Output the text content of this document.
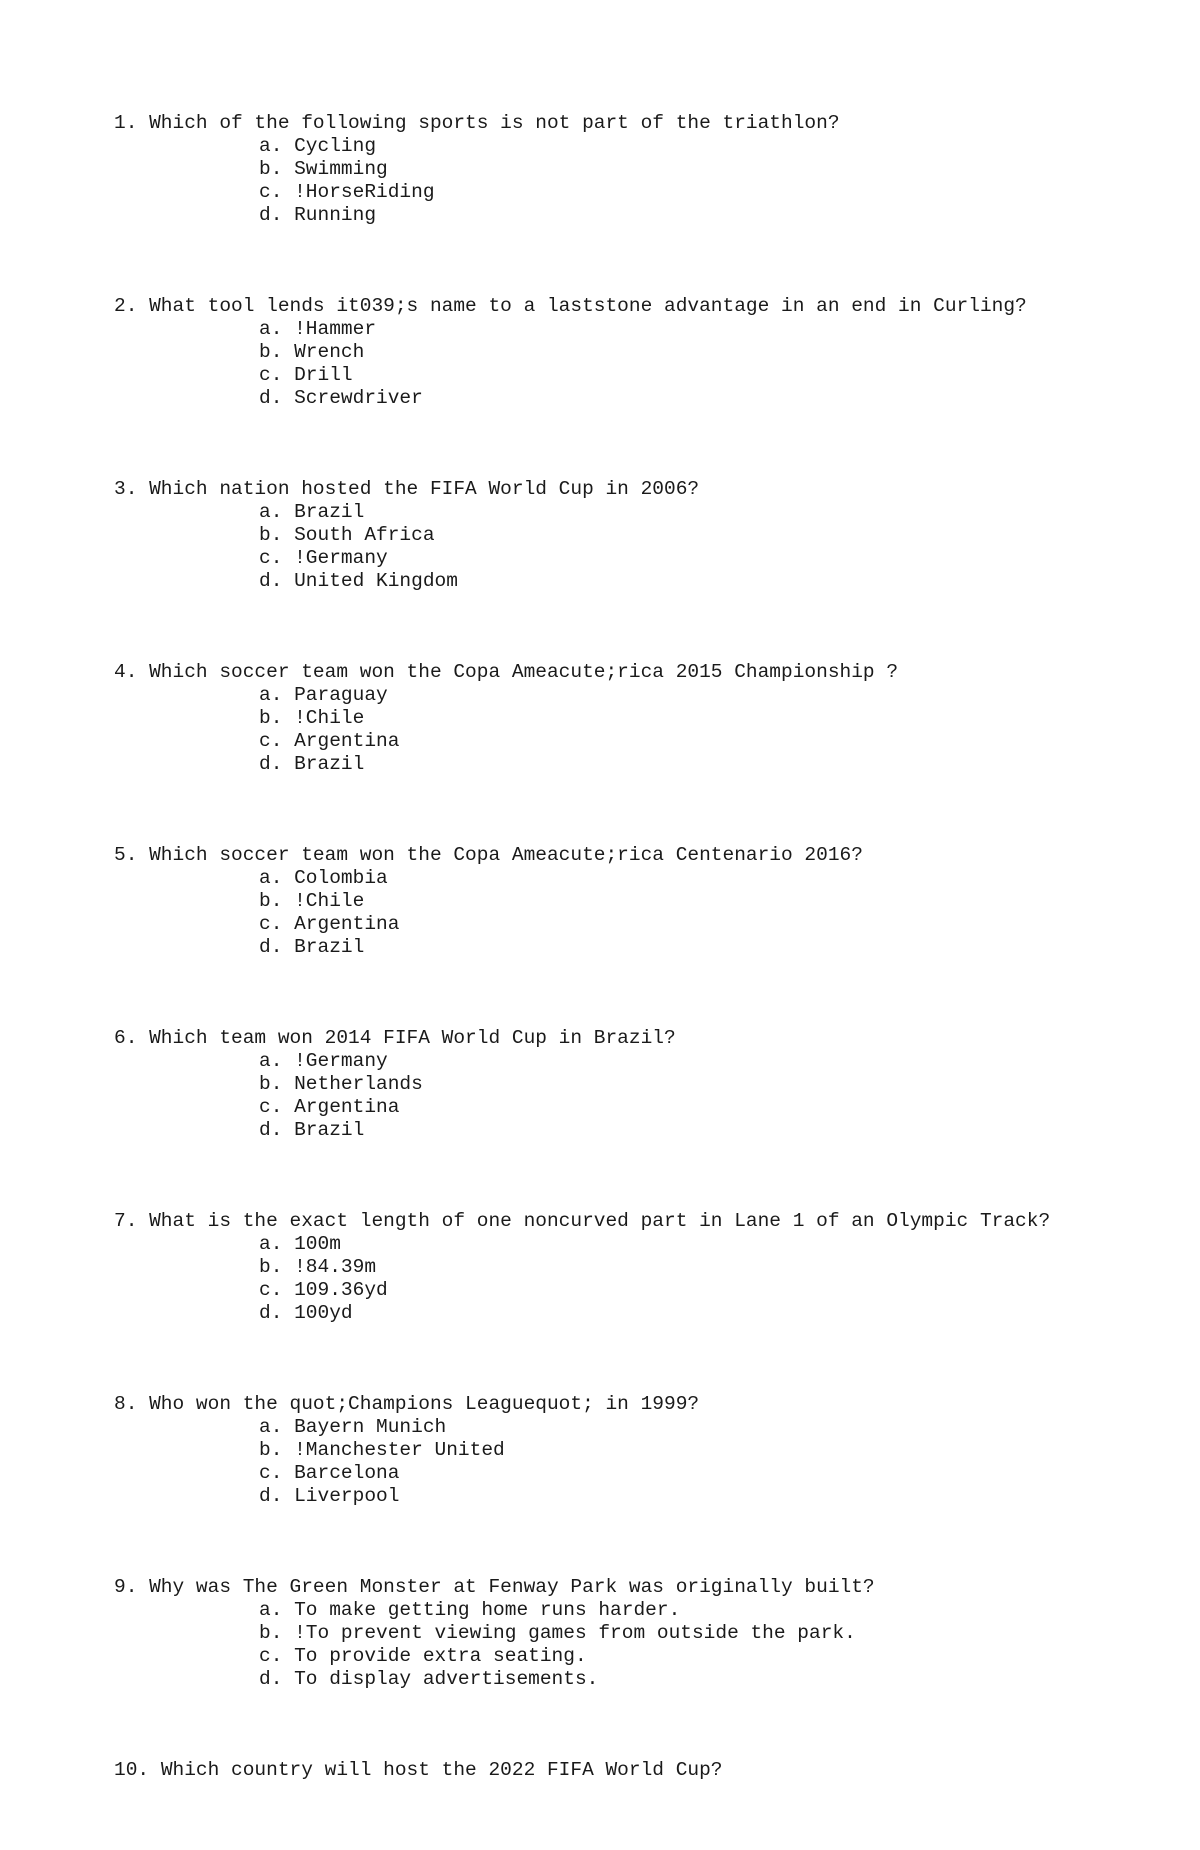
1. Which of the following sports is not part of the triathlon?
a. Cycling
b. Swimming
c. !HorseRiding
d. Running
2. What tool lends it039;s name to a laststone advantage in an end in Curling?
a. !Hammer
b. Wrench
c. Drill
d. Screwdriver
3. Which nation hosted the FIFA World Cup in 2006?
a. Brazil
b. South Africa
c. !Germany
d. United Kingdom
4. Which soccer team won the Copa Ameacute;rica 2015 Championship ?
a. Paraguay
b. !Chile
c. Argentina
d. Brazil
5. Which soccer team won the Copa Ameacute;rica Centenario 2016?
a. Colombia
b. !Chile
c. Argentina
d. Brazil
6. Which team won 2014 FIFA World Cup in Brazil?
a. !Germany
b. Netherlands
c. Argentina
d. Brazil
7. What is the exact length of one noncurved part in Lane 1 of an Olympic Track?
a. 100m
b. !84.39m
c. 109.36yd
d. 100yd
8. Who won the quot;Champions Leaguequot; in 1999?
a. Bayern Munich
b. !Manchester United
c. Barcelona
d. Liverpool
9. Why was The Green Monster at Fenway Park was originally built?
a. To make getting home runs harder.
b. !To prevent viewing games from outside the park.
c. To provide extra seating.
d. To display advertisements.
10. Which country will host the 2022 FIFA World Cup?
